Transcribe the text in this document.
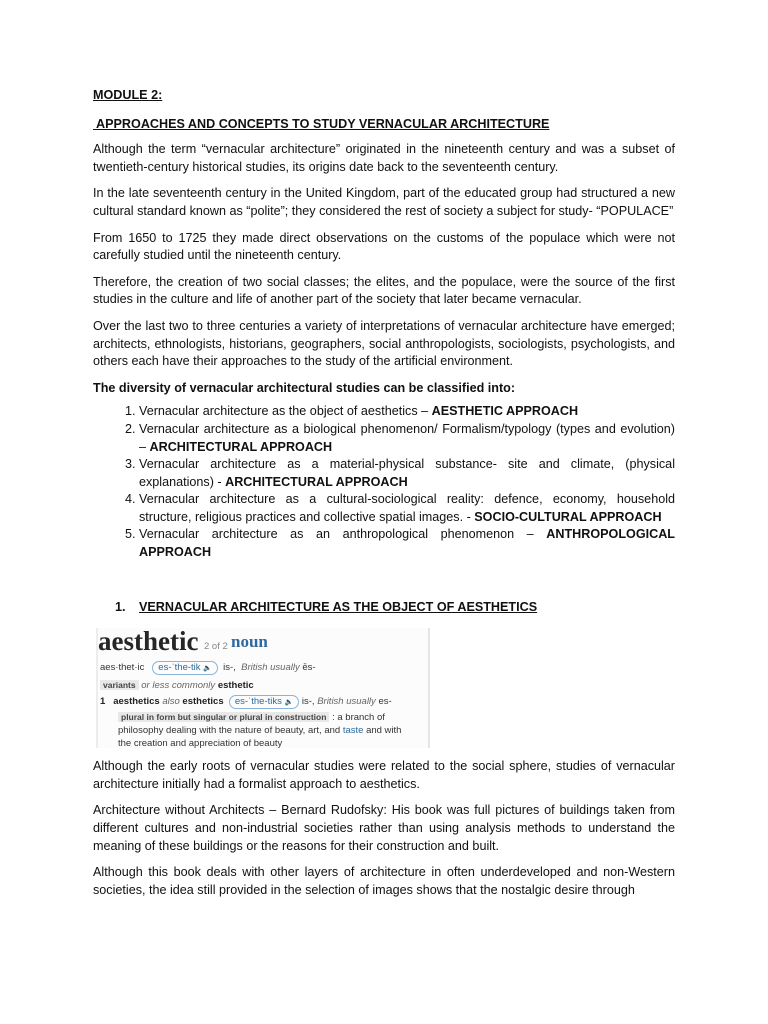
MODULE 2:
APPROACHES AND CONCEPTS TO STUDY VERNACULAR ARCHITECTURE

Although the term “vernacular architecture” originated in the nineteenth century and was a subset of twentieth-century historical studies, its origins date back to the seventeenth century.

In the late seventeenth century in the United Kingdom, part of the educated group had structured a new cultural standard known as “polite”; they considered the rest of society a subject for study- “POPULACE”

From 1650 to 1725 they made direct observations on the customs of the populace which were not carefully studied until the nineteenth century.

Therefore, the creation of two social classes; the elites, and the populace, were the source of the first studies in the culture and life of another part of the society that later became vernacular.

Over the last two to three centuries a variety of interpretations of vernacular architecture have emerged; architects, ethnologists, historians, geographers, social anthropologists, sociologists, psychologists, and others each have their approaches to the study of the artificial environment.

The diversity of vernacular architectural studies can be classified into:

1. Vernacular architecture as the object of aesthetics – AESTHETIC APPROACH
2. Vernacular architecture as a biological phenomenon/ Formalism/typology (types and evolution) – ARCHITECTURAL APPROACH
3. Vernacular architecture as a material-physical substance- site and climate, (physical explanations) - ARCHITECTURAL APPROACH
4. Vernacular architecture as a cultural-sociological reality: defence, economy, household structure, religious practices and collective spatial images. - SOCIO-CULTURAL APPROACH
5. Vernacular architecture as an anthropological phenomenon – ANTHROPOLOGICAL APPROACH
1. VERNACULAR ARCHITECTURE AS THE OBJECT OF AESTHETICS
aesthetic 2 of 2 noun
aes·thet·ic es-ˈthe-tik 🔈 is-, British usually ēs-
variants or less commonly esthetic
1 aesthetics also esthetics es-ˈthe-tiks 🔈 is-, British usually es-
plural in form but singular or plural in construction : a branch of
philosophy dealing with the nature of beauty, art, and taste and with
the creation and appreciation of beauty

Although the early roots of vernacular studies were related to the social sphere, studies of vernacular architecture initially had a formalist approach to aesthetics.

Architecture without Architects – Bernard Rudofsky: His book was full pictures of buildings taken from different cultures and non-industrial societies rather than using analysis methods to understand the meaning of these buildings or the reasons for their construction and built.

Although this book deals with other layers of architecture in often underdeveloped and non-Western societies, the idea still provided in the selection of images shows that the nostalgic desire through
